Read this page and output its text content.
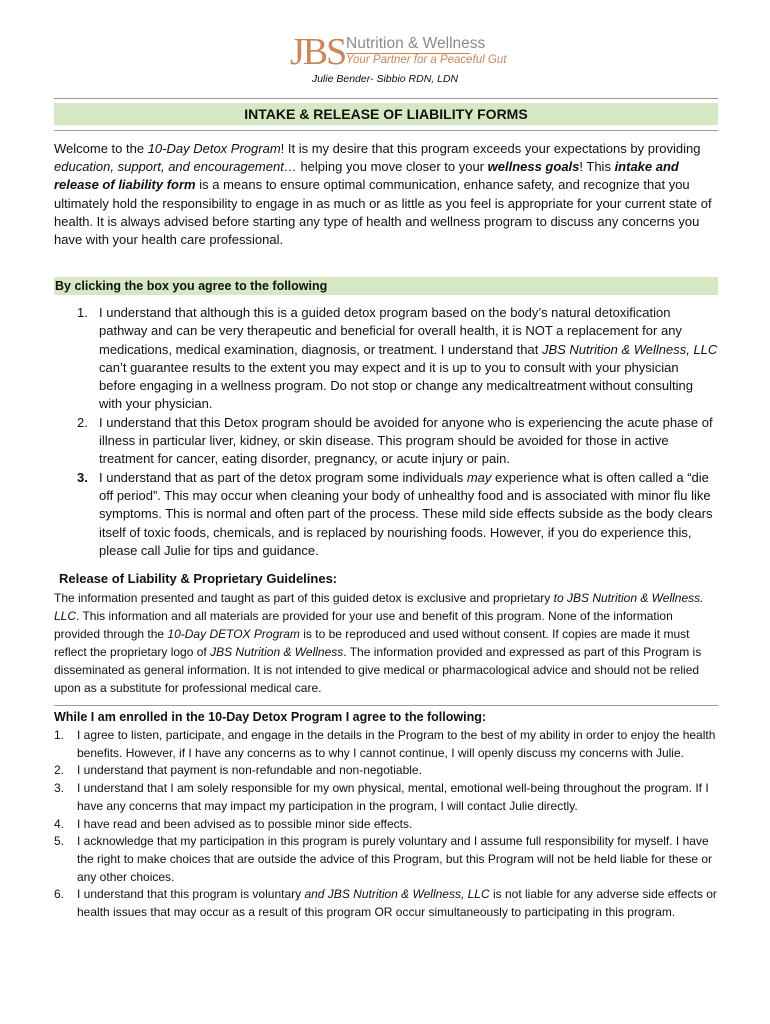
JBS Nutrition & Wellness
Your Partner for a Peaceful Gut
Julie Bender- Sibbio RDN, LDN
INTAKE & RELEASE OF LIABILITY FORMS
Welcome to the 10-Day Detox Program! It is my desire that this program exceeds your expectations by providing education, support, and encouragement… helping you move closer to your wellness goals! This intake and release of liability form is a means to ensure optimal communication, enhance safety, and recognize that you ultimately hold the responsibility to engage in as much or as little as you feel is appropriate for your current state of health. It is always advised before starting any type of health and wellness program to discuss any concerns you have with your health care professional.
By clicking the box you agree to the following
1. I understand that although this is a guided detox program based on the body’s natural detoxification pathway and can be very therapeutic and beneficial for overall health, it is NOT a replacement for any medications, medical examination, diagnosis, or treatment. I understand that JBS Nutrition & Wellness, LLC can’t guarantee results to the extent you may expect and it is up to you to consult with your physician before engaging in a wellness program. Do not stop or change any medicaltreatment without consulting with your physician.
2. I understand that this Detox program should be avoided for anyone who is experiencing the acute phase of illness in particular liver, kidney, or skin disease. This program should be avoided for those in active treatment for cancer, eating disorder, pregnancy, or acute injury or pain.
3. I understand that as part of the detox program some individuals may experience what is often called a “die off period”. This may occur when cleaning your body of unhealthy food and is associated with minor flu like symptoms. This is normal and often part of the process. These mild side effects subside as the body clears itself of toxic foods, chemicals, and is replaced by nourishing foods. However, if you do experience this, please call Julie for tips and guidance.
Release of Liability & Proprietary Guidelines:
The information presented and taught as part of this guided detox is exclusive and proprietary to JBS Nutrition & Wellness. LLC. This information and all materials are provided for your use and benefit of this program. None of the information provided through the 10-Day DETOX Program is to be reproduced and used without consent. If copies are made it must reflect the proprietary logo of JBS Nutrition & Wellness. The information provided and expressed as part of this Program is disseminated as general information. It is not intended to give medical or pharmacological advice and should not be relied upon as a substitute for professional medical care.
While I am enrolled in the 10-Day Detox Program I agree to the following:
1. I agree to listen, participate, and engage in the details in the Program to the best of my ability in order to enjoy the health benefits. However, if I have any concerns as to why I cannot continue, I will openly discuss my concerns with Julie.
2. I understand that payment is non-refundable and non-negotiable.
3. I understand that I am solely responsible for my own physical, mental, emotional well-being throughout the program. If I have any concerns that may impact my participation in the program, I will contact Julie directly.
4. I have read and been advised as to possible minor side effects.
5. I acknowledge that my participation in this program is purely voluntary and I assume full responsibility for myself. I have the right to make choices that are outside the advice of this Program, but this Program will not be held liable for these or any other choices.
6. I understand that this program is voluntary and JBS Nutrition & Wellness, LLC is not liable for any adverse side effects or health issues that may occur as a result of this program OR occur simultaneously to participating in this program.
